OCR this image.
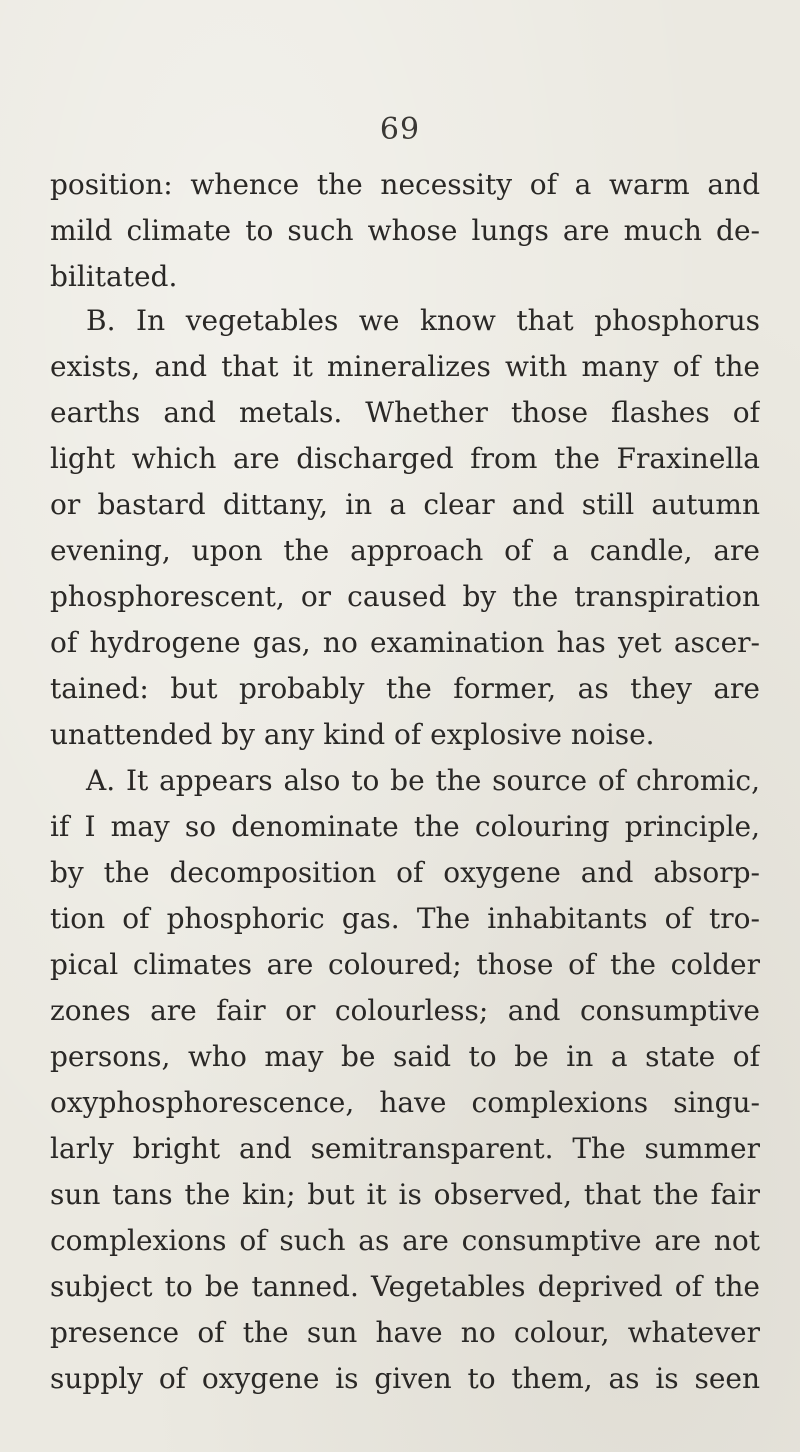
69
position: whence the necessity of a warm and
mild climate to such whose lungs are much de-
bilitated.
B. In vegetables we know that phosphorus
exists, and that it mineralizes with many of the
earths and metals. Whether those flashes of
light which are discharged from the Fraxinella
or bastard dittany, in a clear and still autumn
evening, upon the approach of a candle, are
phosphorescent, or caused by the transpiration
of hydrogene gas, no examination has yet ascer-
tained: but probably the former, as they are
unattended by any kind of explosive noise.
A. It appears also to be the source of chromic,
if I may so denominate the colouring principle,
by the decomposition of oxygene and absorp-
tion of phosphoric gas. The inhabitants of tro-
pical climates are coloured; those of the colder
zones are fair or colourless; and consumptive
persons, who may be said to be in a state of
oxyphosphorescence, have complexions singu-
larly bright and semitransparent. The summer
sun tans the kin; but it is observed, that the fair
complexions of such as are consumptive are not
subject to be tanned. Vegetables deprived of the
presence of the sun have no colour, whatever
supply of oxygene is given to them, as is seen
